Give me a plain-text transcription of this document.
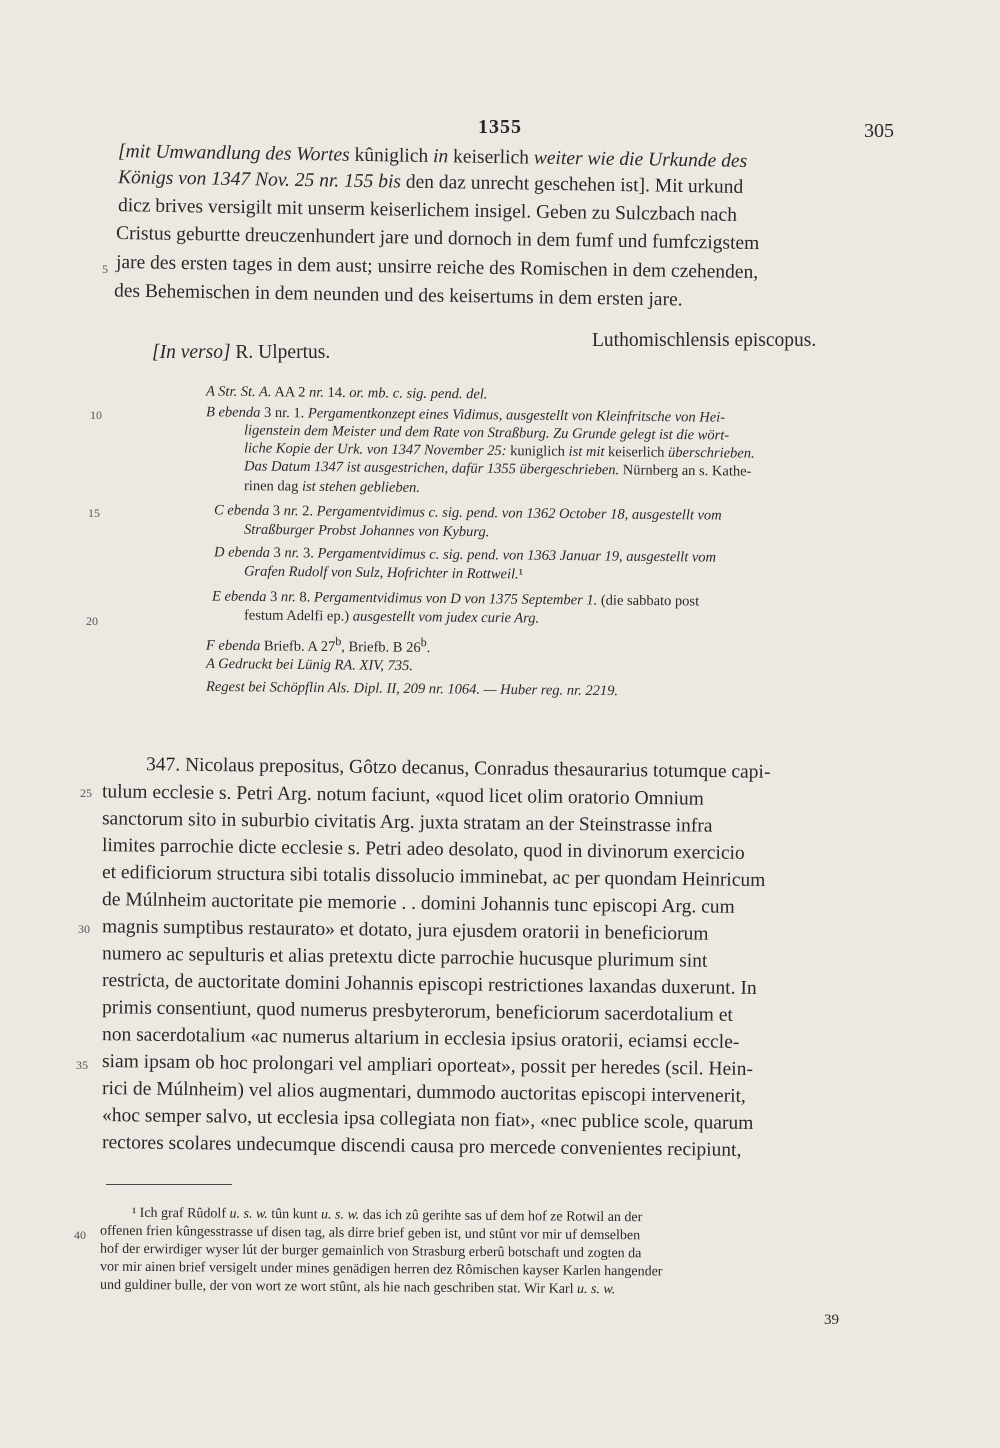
1355	305
[mit Umwandlung des Wortes kûniglich in keiserlich weiter wie die Urkunde des
Königs von 1347 Nov. 25 nr. 155 bis den daz unrecht geschehen ist]. Mit urkund
dicz brives versigilt mit unserm keiserlichem insigel. Geben zu Sulczbach nach
Cristus geburtte dreuczenhundert jare und dornoch in dem fumf und fumfczigstem
jare des ersten tages in dem aust; unsirre reiche des Romischen in dem czehenden,
des Behemischen in dem neunden und des keisertums in dem ersten jare.
[In verso] R. Ulpertus.
Luthomischlensis episcopus.
A Str. St. A. AA 2 nr. 14. or. mb. c. sig. pend. del.
B ebenda 3 nr. 1. Pergamentkonzept eines Vidimus, ausgestellt von Kleinfritsche von Hei-
ligenstein dem Meister und dem Rate von Straßburg. Zu Grunde gelegt ist die wört-
liche Kopie der Urk. von 1347 November 25: kuniglich ist mit keiserlich überschrieben.
Das Datum 1347 ist ausgestrichen, dafür 1355 übergeschrieben. Nürnberg an s. Kathe-
rinen dag ist stehen geblieben.
C ebenda 3 nr. 2. Pergamentvidimus c. sig. pend. von 1362 October 18, ausgestellt vom
Straßburger Probst Johannes von Kyburg.
D ebenda 3 nr. 3. Pergamentvidimus c. sig. pend. von 1363 Januar 19, ausgestellt vom
Grafen Rudolf von Sulz, Hofrichter in Rottweil.¹
E ebenda 3 nr. 8. Pergamentvidimus von D von 1375 September 1. (die sabbato post
festum Adelfi ep.) ausgestellt vom judex curie Arg.
F ebenda Briefb. A 27$^b$, Briefb. B 26$^b$.
A Gedruckt bei Lünig RA. XIV, 735.
Regest bei Schöpflin Als. Dipl. II, 209 nr. 1064. — Huber reg. nr. 2219.
347. Nicolaus prepositus, Gôtzo decanus, Conradus thesaurarius totumque capi-
tulum ecclesie s. Petri Arg. notum faciunt, «quod licet olim oratorio Omnium
sanctorum sito in suburbio civitatis Arg. juxta stratam an der Steinstrasse infra
limites parrochie dicte ecclesie s. Petri adeo desolato, quod in divinorum exercicio
et edificiorum structura sibi totalis dissolucio imminebat, ac per quondam Heinricum
de Múlnheim auctoritate pie memorie . . domini Johannis tunc episcopi Arg. cum
magnis sumptibus restaurato» et dotato, jura ejusdem oratorii in beneficiorum
numero ac sepulturis et alias pretextu dicte parrochie hucusque plurimum sint
restricta, de auctoritate domini Johannis episcopi restrictiones laxandas duxerunt. In
primis consentiunt, quod numerus presbyterorum, beneficiorum sacerdotalium et
non sacerdotalium «ac numerus altarium in ecclesia ipsius oratorii, eciamsi eccle-
siam ipsam ob hoc prolongari vel ampliari oporteat», possit per heredes (scil. Hein-
rici de Múlnheim) vel alios augmentari, dummodo auctoritas episcopi intervenerit,
«hoc semper salvo, ut ecclesia ipsa collegiata non fiat», «nec publice scole, quarum
rectores scolares undecumque discendi causa pro mercede convenientes recipiunt,
¹ Ich graf Rûdolf u. s. w. tûn kunt u. s. w. das ich zû gerihte sas uf dem hof ze Rotwil an der
offenen frien kûngesstrasse uf disen tag, als dirre brief geben ist, und stûnt vor mir uf demselben
hof der erwirdiger wyser lút der burger gemainlich von Strasburg erberû botschaft und zogten da
vor mir ainen brief versigelt under mines genädigen herren dez Rômischen kayser Karlen hangender
und guldiner bulle, der von wort ze wort stûnt, als hie nach geschriben stat. Wir Karl u. s. w.
39
5
10
15
20
25
30
35
40
